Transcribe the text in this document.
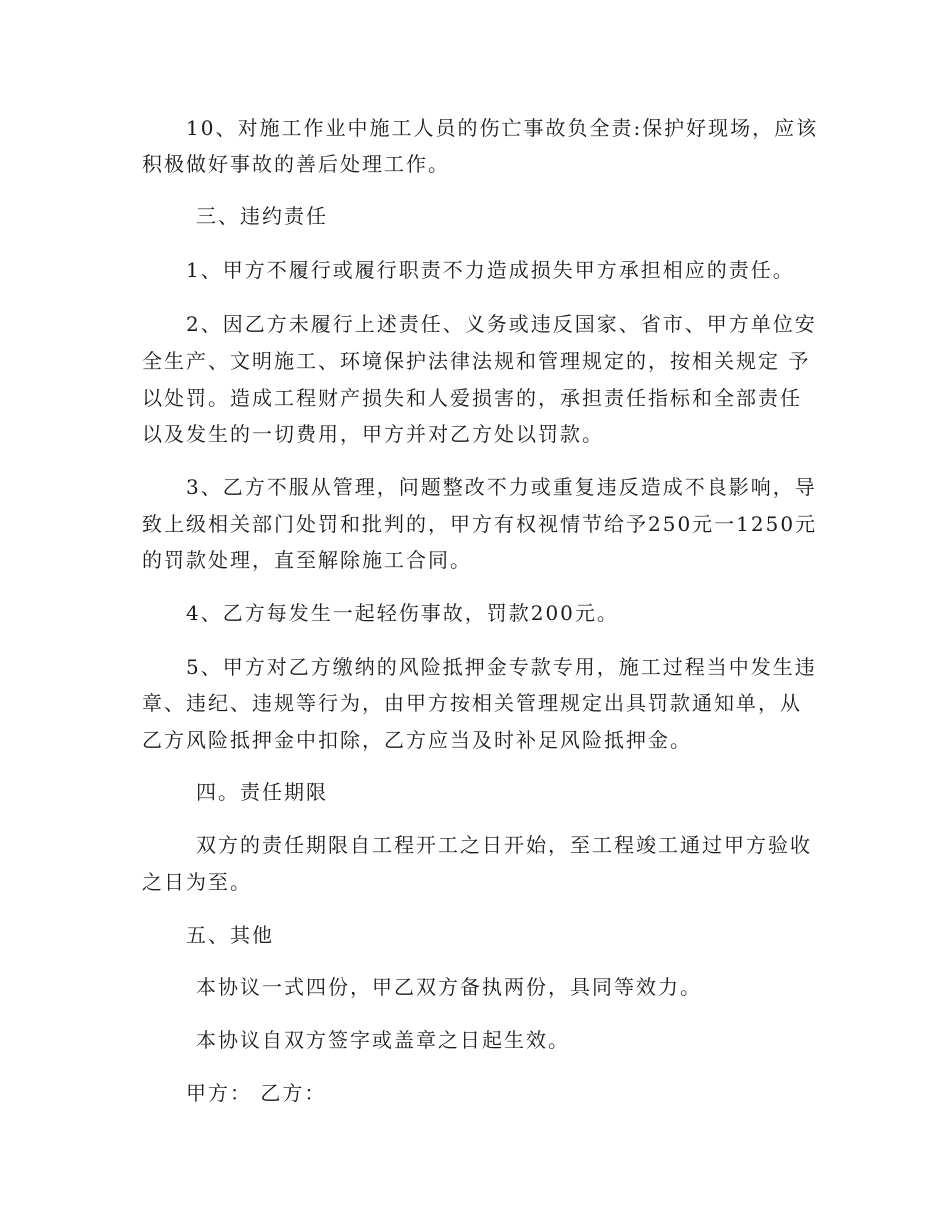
10、对施工作业中施工人员的伤亡事故负全责:保护好现场，应该
积极做好事故的善后处理工作。
三、违约责任
1、甲方不履行或履行职责不力造成损失甲方承担相应的责任。
2、因乙方未履行上述责任、义务或违反国家、省市、甲方单位安
全生产、文明施工、环境保护法律法规和管理规定的，按相关规定 予
以处罚。造成工程财产损失和人爱损害的，承担责任指标和全部责任
以及发生的一切费用，甲方并对乙方处以罚款。
3、乙方不服从管理，问题整改不力或重复违反造成不良影响，导
致上级相关部门处罚和批判的，甲方有权视情节给予250元一1250元
的罚款处理，直至解除施工合同。
4、乙方每发生一起轻伤事故，罚款200元。
5、甲方对乙方缴纳的风险抵押金专款专用，施工过程当中发生违
章、违纪、违规等行为，由甲方按相关管理规定出具罚款通知单，从
乙方风险抵押金中扣除，乙方应当及时补足风险抵押金。
四。责任期限
双方的责任期限自工程开工之日开始，至工程竣工通过甲方验收
之日为至。
五、其他
本协议一式四份，甲乙双方备执两份，具同等效力。
本协议自双方签字或盖章之日起生效。
甲方： 乙方：
